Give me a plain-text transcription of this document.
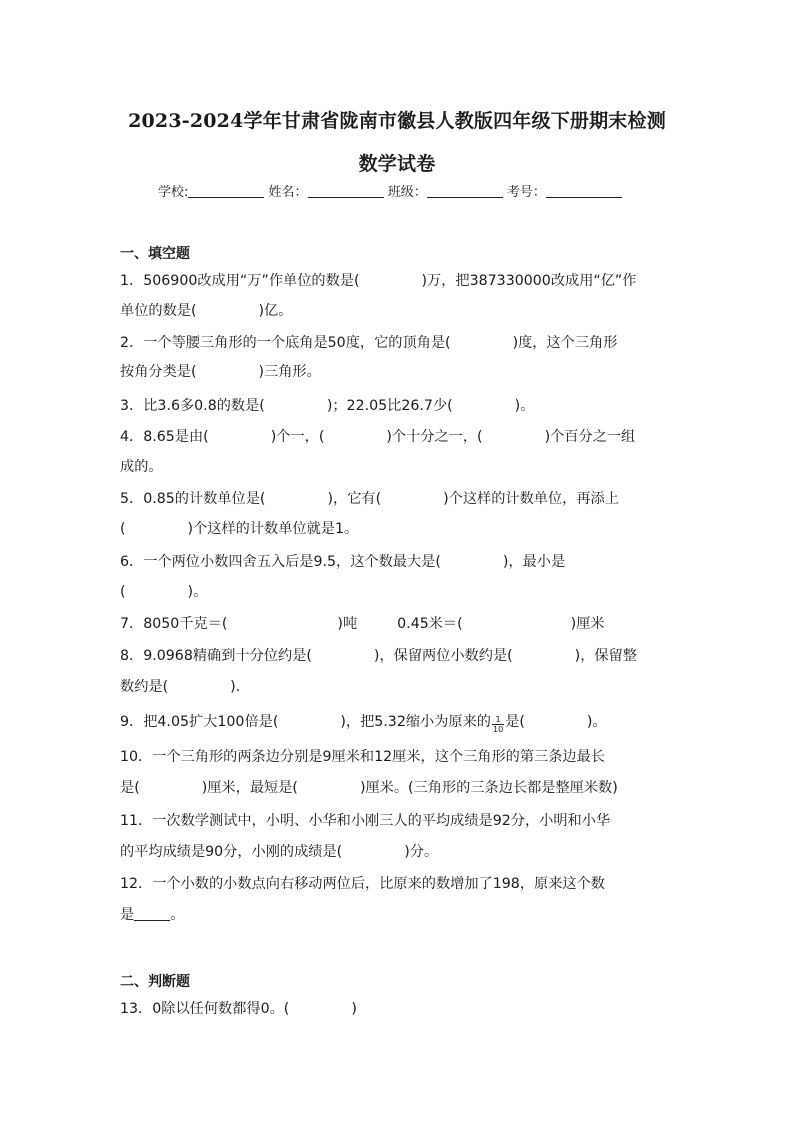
2023-2024学年甘肃省陇南市徽县人教版四年级下册期末检测
数学试卷
学校:	姓名：	班级：	考号：
一、填空题
1．506900改成用“万”作单位的数是(	)万，把387330000改成用“亿”作
单位的数是(	)亿。
2．一个等腰三角形的一个底角是50度，它的顶角是(	)度，这个三角形
按角分类是(	)三角形。
3．比3.6多0.8的数是(	)；22.05比26.7少(	)。
4．8.65是由(	)个一，(	)个十分之一，(	)个百分之一组
成的。
5．0.85的计数单位是(	)，它有(	)个这样的计数单位，再添上
(	)个这样的计数单位就是1。
6．一个两位小数四舍五入后是9.5，这个数最大是(	)，最小是
(	)。
7．8050千克＝(	)吨	0.45米＝(	)厘米
8．9.0968精确到十分位约是(	)，保留两位小数约是(	)，保留整
数约是(	).
9．把4.05扩大100倍是(	)，把5.32缩小为原来的 $\frac{1}{10}$ 是(	)。
10．一个三角形的两条边分别是9厘米和12厘米，这个三角形的第三条边最长
是(	)厘米，最短是(	)厘米。(三角形的三条边长都是整厘米数)
11．一次数学测试中，小明、小华和小刚三人的平均成绩是92分，小明和小华
的平均成绩是90分，小刚的成绩是(	)分。
12．一个小数的小数点向右移动两位后，比原来的数增加了198，原来这个数
是	。
二、判断题
13．0除以任何数都得0。(	)
